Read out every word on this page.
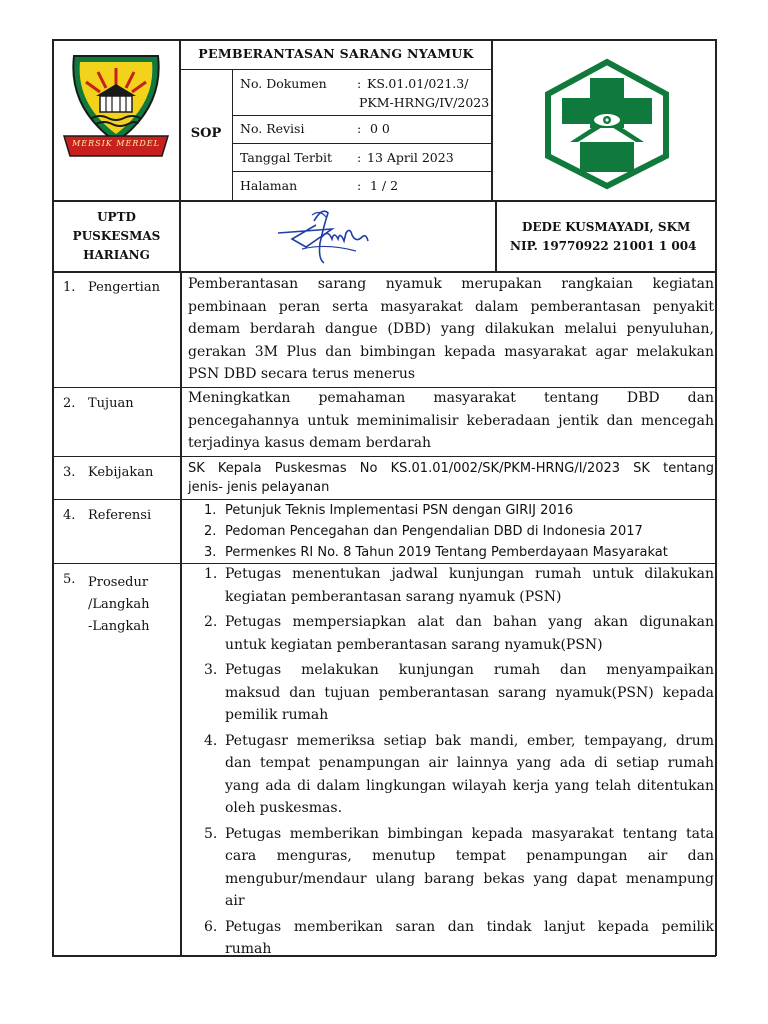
MERSIK MERDEL
PEMBERANTASAN SARANG NYAMUK
SOP
No. Dokumen : KS.01.01/021.3/
PKM-HRNG/IV/2023
No. Revisi	: 0 0
Tanggal Terbit : 13 April 2023
Halaman	: 1 / 2
UPTD
PUSKESMAS
HARIANG
DEDE KUSMAYADI, SKM
NIP. 19770922 21001 1 004
1. Pengertian Pemberantasan sarang nyamuk merupakan rangkaian kegiatan
pembinaan peran serta masyarakat dalam pemberantasan penyakit
demam berdarah dangue (DBD) yang dilakukan melalui penyuluhan,
gerakan 3M Plus dan bimbingan kepada masyarakat agar melakukan
PSN DBD secara terus menerus
2. Tujuan	Meningkatkan pemahaman masyarakat tentang DBD dan
pencegahannya untuk meminimalisir keberadaan jentik dan mencegah
terjadinya kasus demam berdarah
3. Kebijakan	SK Kepala Puskesmas No KS.01.01/002/SK/PKM-HRNG/I/2023 SK tentang
jenis- jenis pelayanan
4. Referensi	1. Petunjuk Teknis Implementasi PSN dengan GIRIJ 2016
2. Pedoman Pencegahan dan Pengendalian DBD di Indonesia 2017
3. Permenkes RI No. 8 Tahun 2019 Tentang Pemberdayaan Masyarakat
5. Prosedur
/Langkah
-Langkah
1. Petugas menentukan jadwal kunjungan rumah untuk dilakukan
kegiatan pemberantasan sarang nyamuk (PSN)
2. Petugas mempersiapkan alat dan bahan yang akan digunakan
untuk kegiatan pemberantasan sarang nyamuk(PSN)
3. Petugas melakukan kunjungan rumah dan menyampaikan
maksud dan tujuan pemberantasan sarang nyamuk(PSN) kepada
pemilik rumah
4. Petugasr memeriksa setiap bak mandi, ember, tempayang, drum
dan tempat penampungan air lainnya yang ada di setiap rumah
yang ada di dalam lingkungan wilayah kerja yang telah ditentukan
oleh puskesmas.
5. Petugas memberikan bimbingan kepada masyarakat tentang tata
cara menguras, menutup tempat penampungan air dan
mengubur/mendaur ulang barang bekas yang dapat menampung
air
6. Petugas memberikan saran dan tindak lanjut kepada pemilik
rumah
